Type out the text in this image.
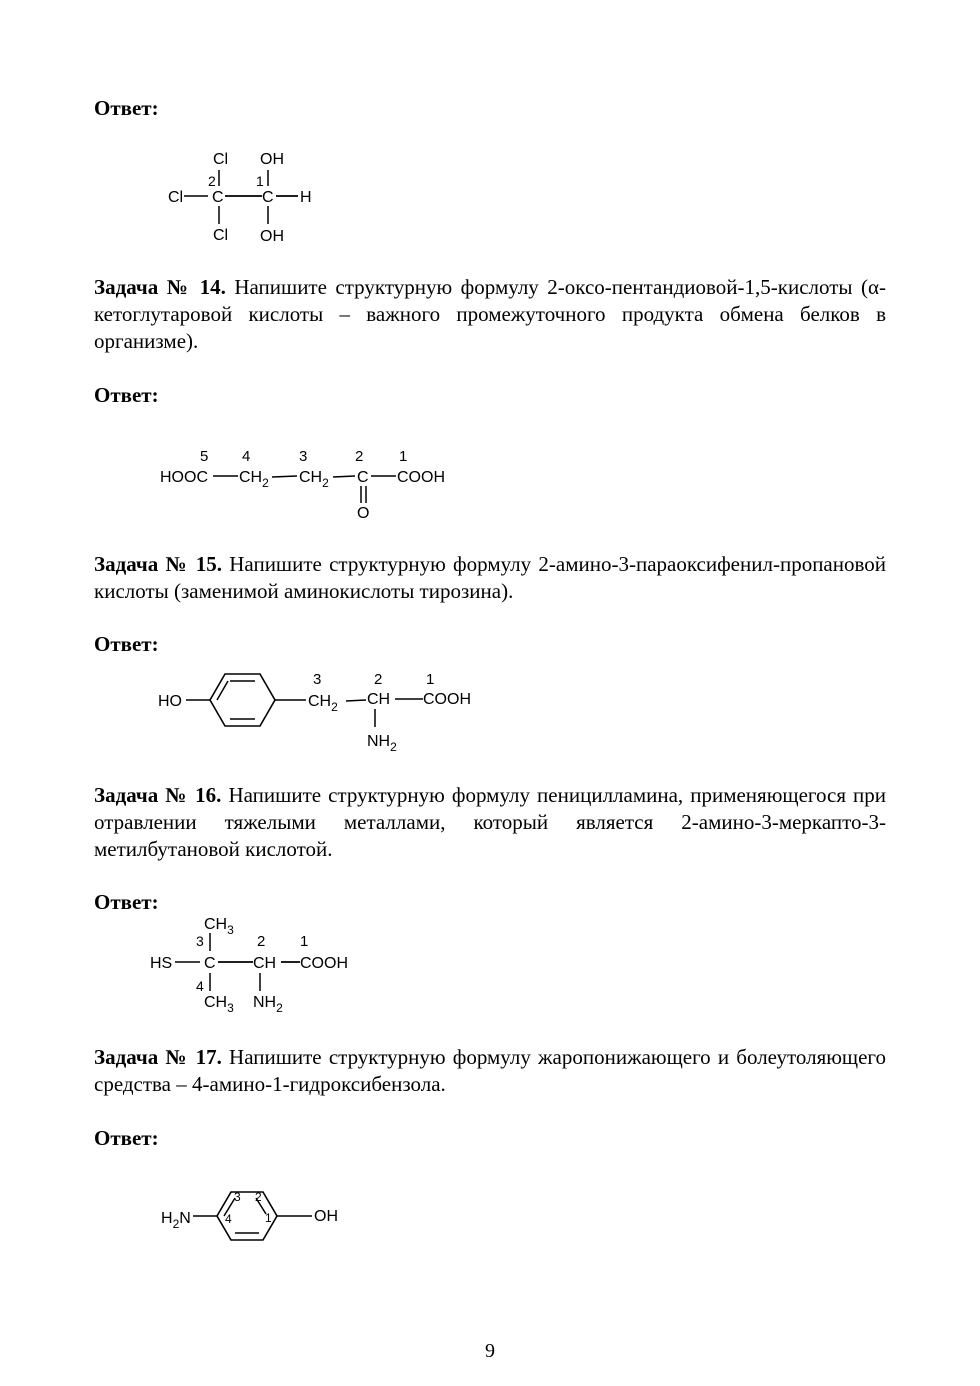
Ответ:
Задача № 14. Напишите структурную формулу 2-оксо-пентандиовой-1,5-кислоты (α-кетоглутаровой кислоты – важного промежуточного продукта обмена белков в организме).
Ответ:
Задача № 15. Напишите структурную формулу 2-амино-3-параоксифенил-пропановой кислоты (заменимой аминокислоты тирозина).
Ответ:
Задача № 16. Напишите структурную формулу пеницилламина, применяющегося при отравлении тяжелыми металлами, который является 2-амино-3-меркапто-3-метилбутановой кислотой.
Ответ:
Задача № 17. Напишите структурную формулу жаропонижающего и болеутоляющего средства – 4-амино-1-гидроксибензола.
Ответ:
Cl OH
2	1
Cl C C H
Cl OH
5 4	3	2 1
HOOC $CH_2$ $CH_2$ C COOH
O
3	2	1
HO	$CH_2$ CH COOH
$NH_2$
$CH_3$
3	2 1
HS C CH COOH
4
$CH_3$ $NH_2$
$H_2N$
3 2
4	1	OH
9
